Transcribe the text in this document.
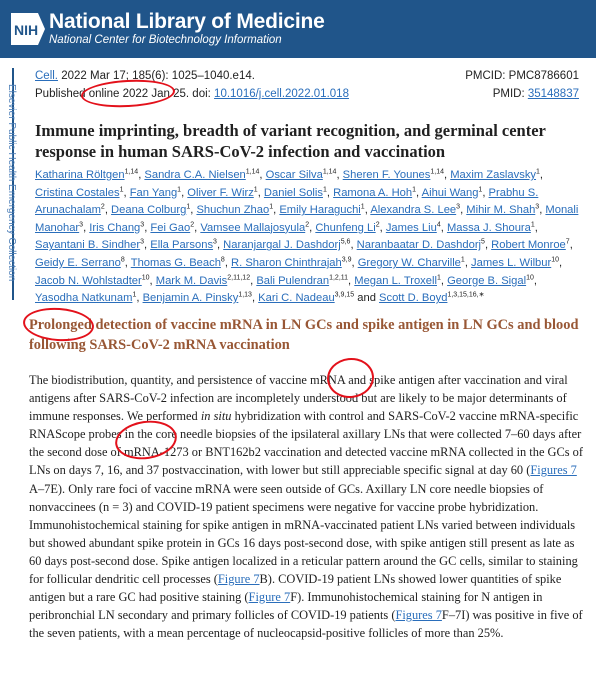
NIH National Library of Medicine
National Center for Biotechnology Information
Elsevier Public Health Emergency Collection
Cell. 2022 Mar 17; 185(6): 1025–1040.e14.
Published online 2022 Jan 25. doi: 10.1016/j.cell.2022.01.018
PMCID: PMC8786601
PMID: 35148837
Immune imprinting, breadth of variant recognition, and germinal center response in human SARS-CoV-2 infection and vaccination
Katharina Röltgen$^{1,14}$, Sandra C.A. Nielsen$^{1,14}$, Oscar Silva$^{1,14}$, Sheren F. Younes$^{1,14}$, Maxim Zaslavsky$^1$, Cristina Costales$^1$, Fan Yang$^1$, Oliver F. Wirz$^1$, Daniel Solis$^1$, Ramona A. Hoh$^1$, Aihui Wang$^1$, Prabhu S. Arunachalam$^2$, Deana Colburg$^1$, Shuchun Zhao$^1$, Emily Haraguchi$^1$, Alexandra S. Lee$^3$, Mihir M. Shah$^3$, Monali Manohar$^3$, Iris Chang$^3$, Fei Gao$^2$, Vamsee Mallajosyula$^2$, Chunfeng Li$^2$, James Liu$^4$, Massa J. Shoura$^1$, Sayantani B. Sindher$^3$, Ella Parsons$^3$, Naranjargal J. Dashdorj$^{5,6}$, Naranbaatar D. Dashdorj$^5$, Robert Monroe$^7$, Geidy E. Serrano$^8$, Thomas G. Beach$^8$, R. Sharon Chinthrajah$^{3,9}$, Gregory W. Charville$^1$, James L. Wilbur$^{10}$, Jacob N. Wohlstadter$^{10}$, Mark M. Davis$^{2,11,12}$, Bali Pulendran$^{1,2,11}$, Megan L. Troxell$^1$, George B. Sigal$^{10}$, Yasodha Natkunam$^1$, Benjamin A. Pinsky$^{1,13}$, Kari C. Nadeau$^{3,9,15}$ and Scott D. Boyd$^{1,3,15,16,∗}$
Prolonged detection of vaccine mRNA in LN GCs and spike antigen in LN GCs and blood following SARS-CoV-2 mRNA vaccination

The biodistribution, quantity, and persistence of vaccine mRNA and spike antigen after vaccination and viral antigens after SARS-CoV-2 infection are incompletely understood but are likely to be major determinants of immune responses. We performed in situ hybridization with control and SARS-CoV-2 vaccine mRNA-specific RNAScope probes in the core needle biopsies of the ipsilateral axillary LNs that were collected 7–60 days after the second dose of mRNA-1273 or BNT162b2 vaccination and detected vaccine mRNA collected in the GCs of LNs on days 7, 16, and 37 postvaccination, with lower but still appreciable specific signal at day 60 (Figures 7 A–7E). Only rare foci of vaccine mRNA were seen outside of GCs. Axillary LN core needle biopsies of nonvaccinees (n = 3) and COVID-19 patient specimens were negative for vaccine probe hybridization. Immunohistochemical staining for spike antigen in mRNA-vaccinated patient LNs varied between individuals but showed abundant spike protein in GCs 16 days post-second dose, with spike antigen still present as late as 60 days post-second dose. Spike antigen localized in a reticular pattern around the GC cells, similar to staining for follicular dendritic cell processes (Figure 7B). COVID-19 patient LNs showed lower quantities of spike antigen but a rare GC had positive staining (Figure 7F). Immunohistochemical staining for N antigen in peribronchial LN secondary and primary follicles of COVID-19 patients (Figures 7F–7I) was positive in five of the seven patients, with a mean percentage of nucleocapsid-positive follicles of more than 25%.
